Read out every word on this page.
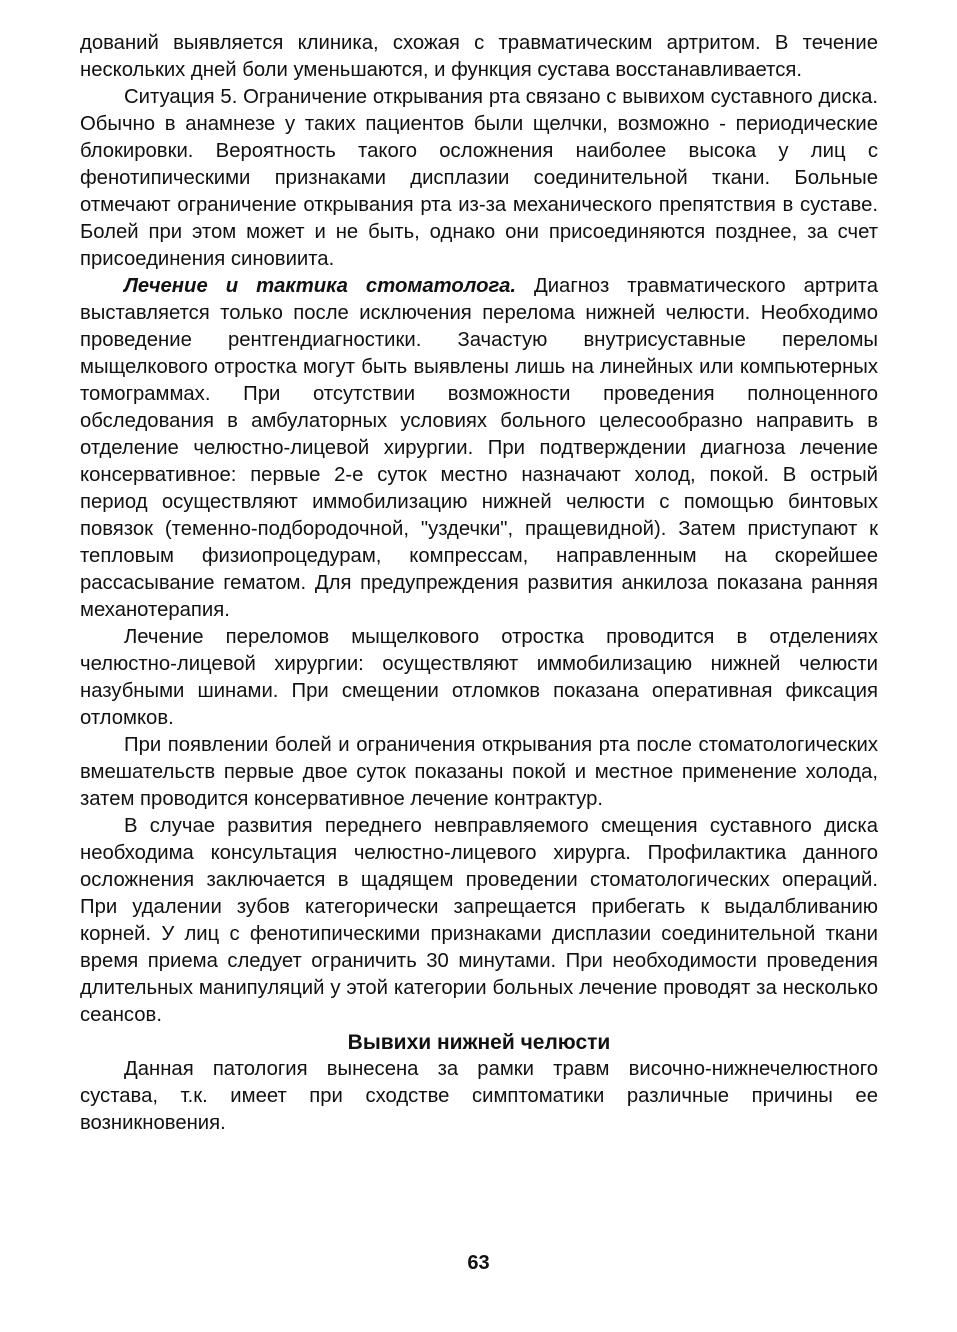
дований выявляется клиника, схожая с травматическим артритом. В течение нескольких дней боли уменьшаются, и функция сустава восстанавливается.

Ситуация 5. Ограничение открывания рта связано с вывихом суставного диска. Обычно в анамнезе у таких пациентов были щелчки, возможно - периодические блокировки. Вероятность такого осложнения наиболее высока у лиц с фенотипическими признаками дисплазии соединительной ткани. Больные отмечают ограничение открывания рта из-за механического препятствия в суставе. Болей при этом может и не быть, однако они присоединяются позднее, за счет присоединения синовиита.

Лечение и тактика стоматолога. Диагноз травматического артрита выставляется только после исключения перелома нижней челюсти. Необходимо проведение рентгендиагностики. Зачастую внутрисуставные переломы мыщелкового отростка могут быть выявлены лишь на линейных или компьютерных томограммах. При отсутствии возможности проведения полноценного обследования в амбулаторных условиях больного целесообразно направить в отделение челюстно-лицевой хирургии. При подтверждении диагноза лечение консервативное: первые 2-е суток местно назначают холод, покой. В острый период осуществляют иммобилизацию нижней челюсти с помощью бинтовых повязок (теменно-подбородочной, "уздечки", пращевидной). Затем приступают к тепловым физиопроцедурам, компрессам, направленным на скорейшее рассасывание гематом. Для предупреждения развития анкилоза показана ранняя механотерапия.

Лечение переломов мыщелкового отростка проводится в отделениях челюстно-лицевой хирургии: осуществляют иммобилизацию нижней челюсти назубными шинами. При смещении отломков показана оперативная фиксация отломков.

При появлении болей и ограничения открывания рта после стоматологических вмешательств первые двое суток показаны покой и местное применение холода, затем проводится консервативное лечение контрактур.

В случае развития переднего невправляемого смещения суставного диска необходима консультация челюстно-лицевого хирурга. Профилактика данного осложнения заключается в щадящем проведении стоматологических операций. При удалении зубов категорически запрещается прибегать к выдалбливанию корней. У лиц с фенотипическими признаками дисплазии соединительной ткани время приема следует ограничить 30 минутами. При необходимости проведения длительных манипуляций у этой категории больных лечение проводят за несколько сеансов.

Вывихи нижней челюсти

Данная патология вынесена за рамки травм височно-нижнечелюстного сустава, т.к. имеет при сходстве симптоматики различные причины ее возникновения.

63
